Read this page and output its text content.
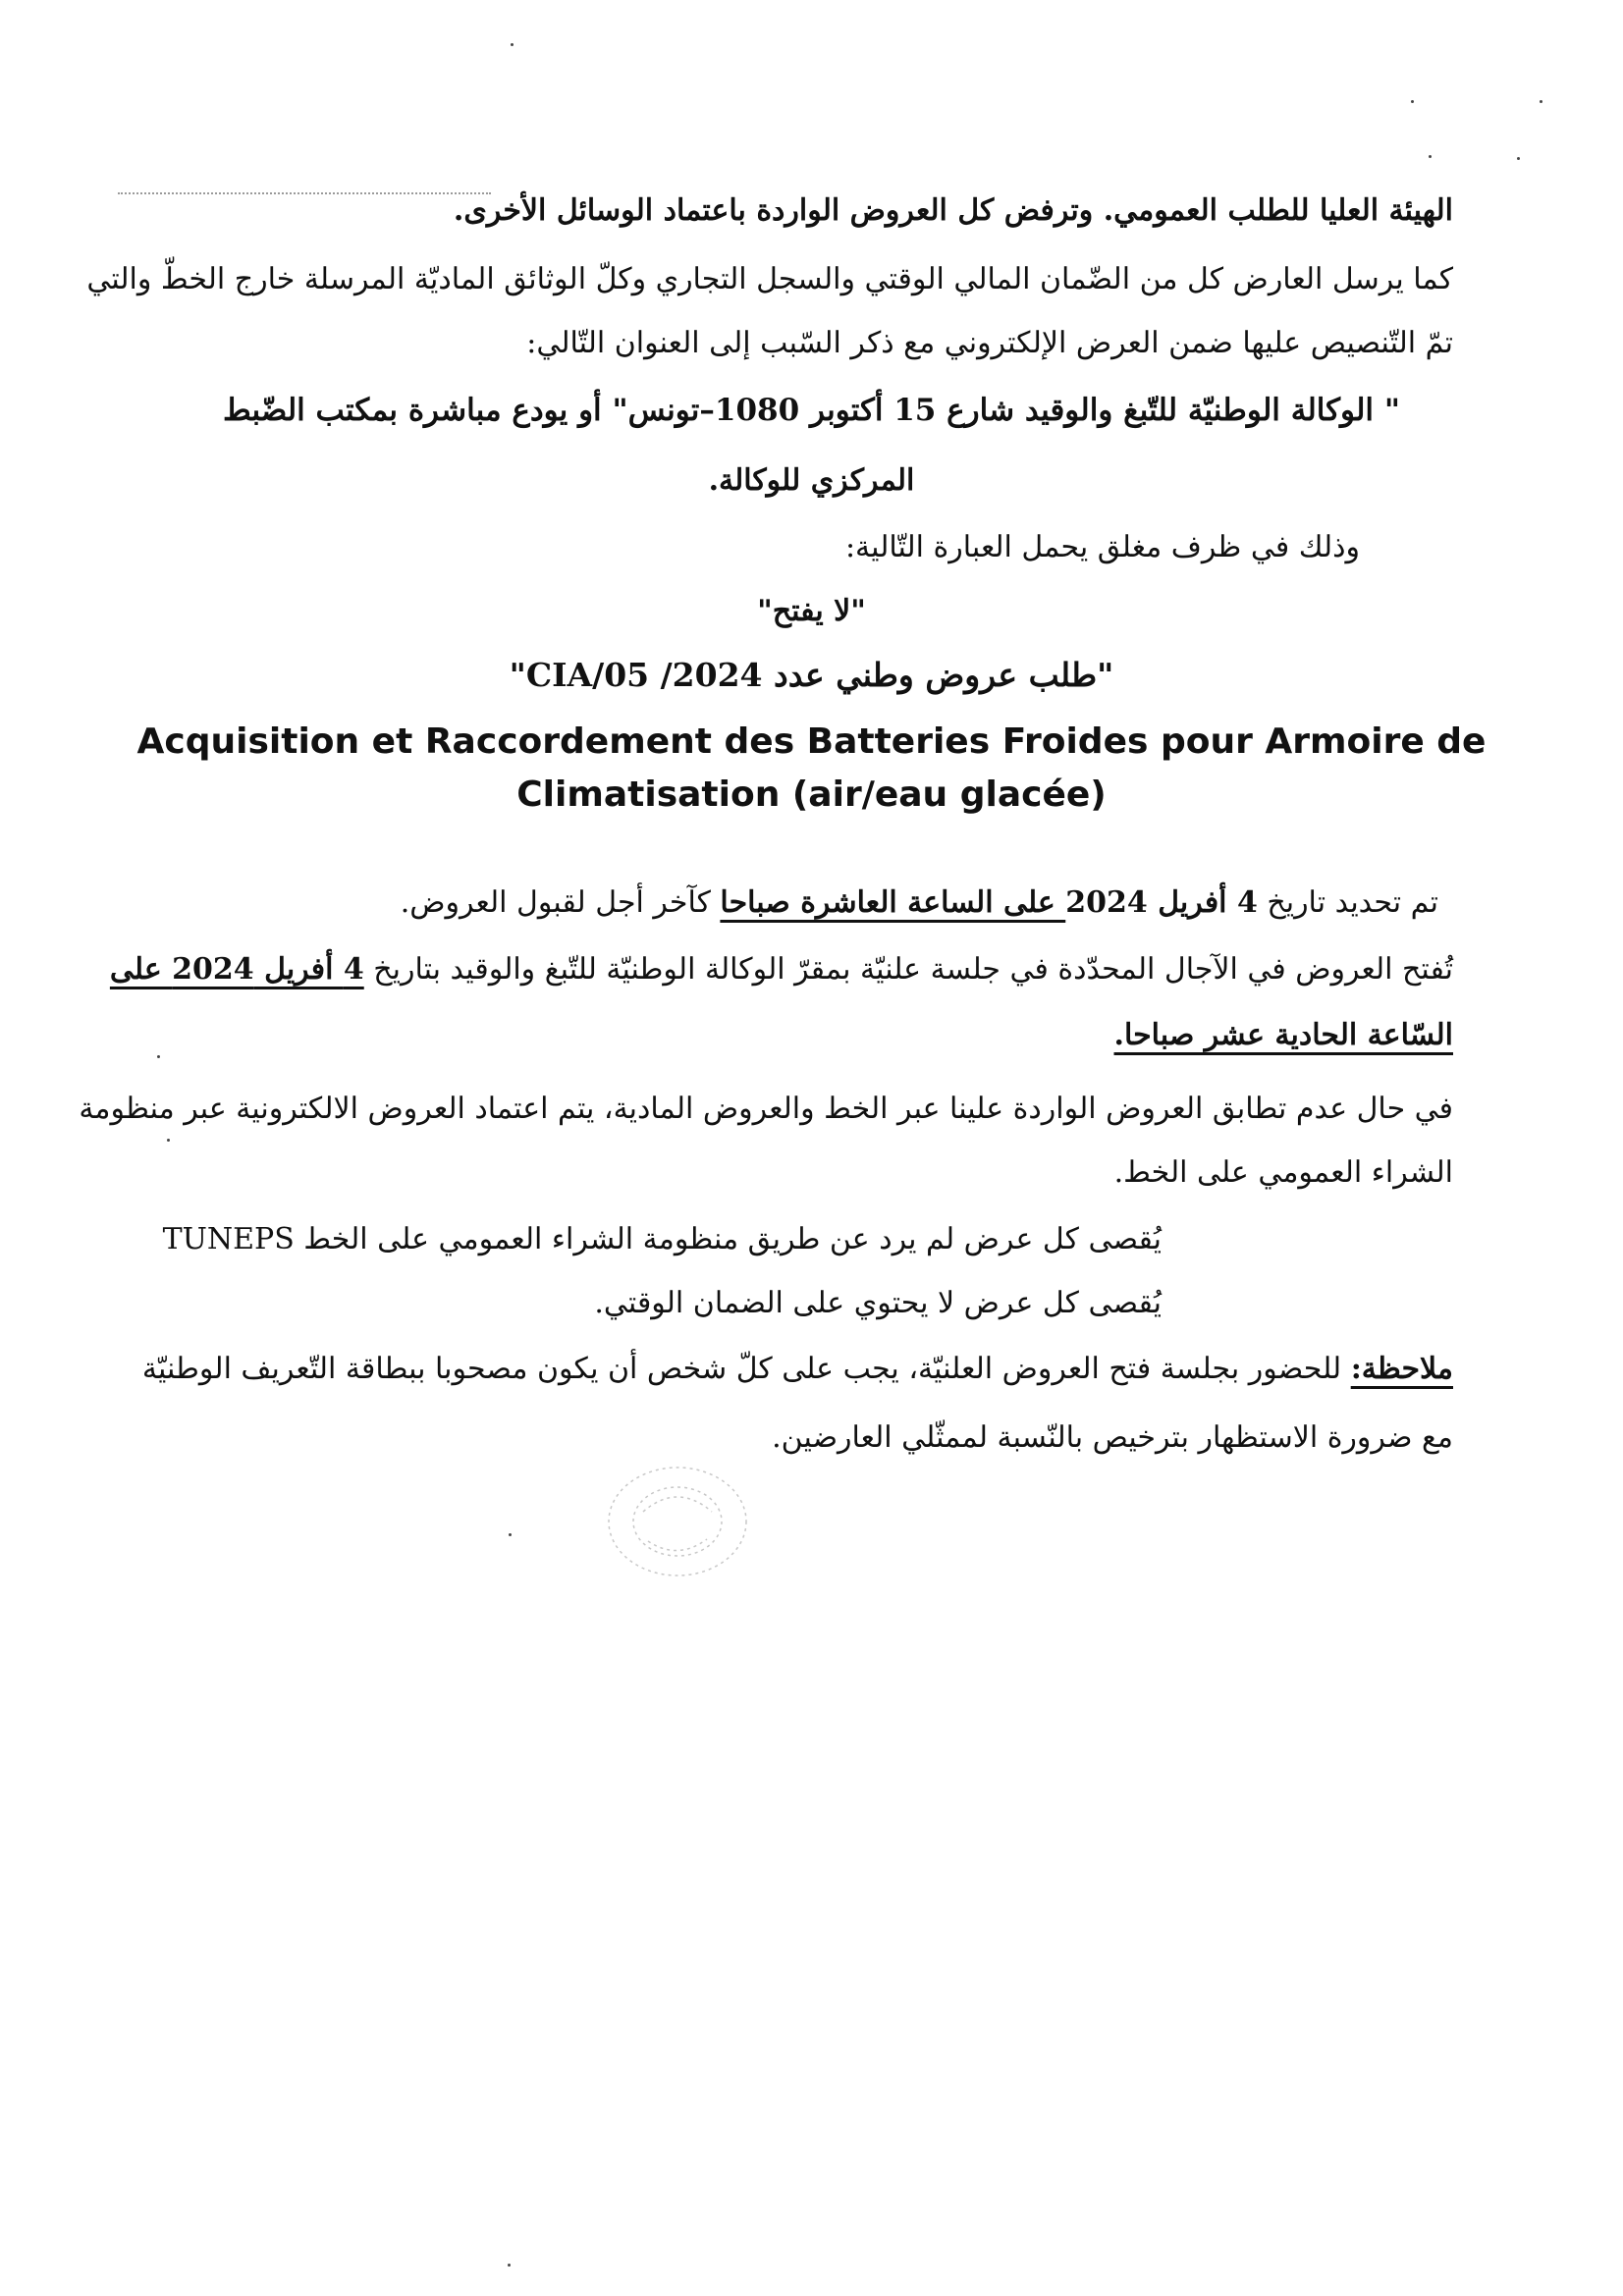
الهيئة العليا للطلب العمومي. وترفض كل العروض الواردة باعتماد الوسائل الأخرى.
كما يرسل العارض كل من الضّمان المالي الوقتي والسجل التجاري وكلّ الوثائق الماديّة المرسلة خارج الخطّ والتي
تمّ التّنصيص عليها ضمن العرض الإلكتروني مع ذكر السّبب إلى العنوان التّالي:
" الوكالة الوطنيّة للتّبغ والوقيد شارع 15 أكتوبر 1080–تونس" أو يودع مباشرة بمكتب الضّبط
المركزي للوكالة.
وذلك في ظرف مغلق يحمل العبارة التّالية:
"لا يفتح"
"طلب عروض وطني عدد CIA/05 /2024"
Acquisition et Raccordement des Batteries Froides pour Armoire de
Climatisation (air/eau glacée)
تم تحديد تاريخ 4 أفريل 2024 على الساعة العاشرة صباحا كآخر أجل لقبول العروض.
تُفتح العروض في الآجال المحدّدة في جلسة علنيّة بمقرّ الوكالة الوطنيّة للتّبغ والوقيد بتاريخ 4 أفريل 2024 على
السّاعة الحادية عشر صباحا.
في حال عدم تطابق العروض الواردة علينا عبر الخط والعروض المادية، يتم اعتماد العروض الالكترونية عبر منظومة
الشراء العمومي على الخط.
يُقصى كل عرض لم يرد عن طريق منظومة الشراء العمومي على الخط TUNEPS
يُقصى كل عرض لا يحتوي على الضمان الوقتي.
ملاحظة: للحضور بجلسة فتح العروض العلنيّة، يجب على كلّ شخص أن يكون مصحوبا ببطاقة التّعريف الوطنيّة
مع ضرورة الاستظهار بترخيص بالنّسبة لممثّلي العارضين.
